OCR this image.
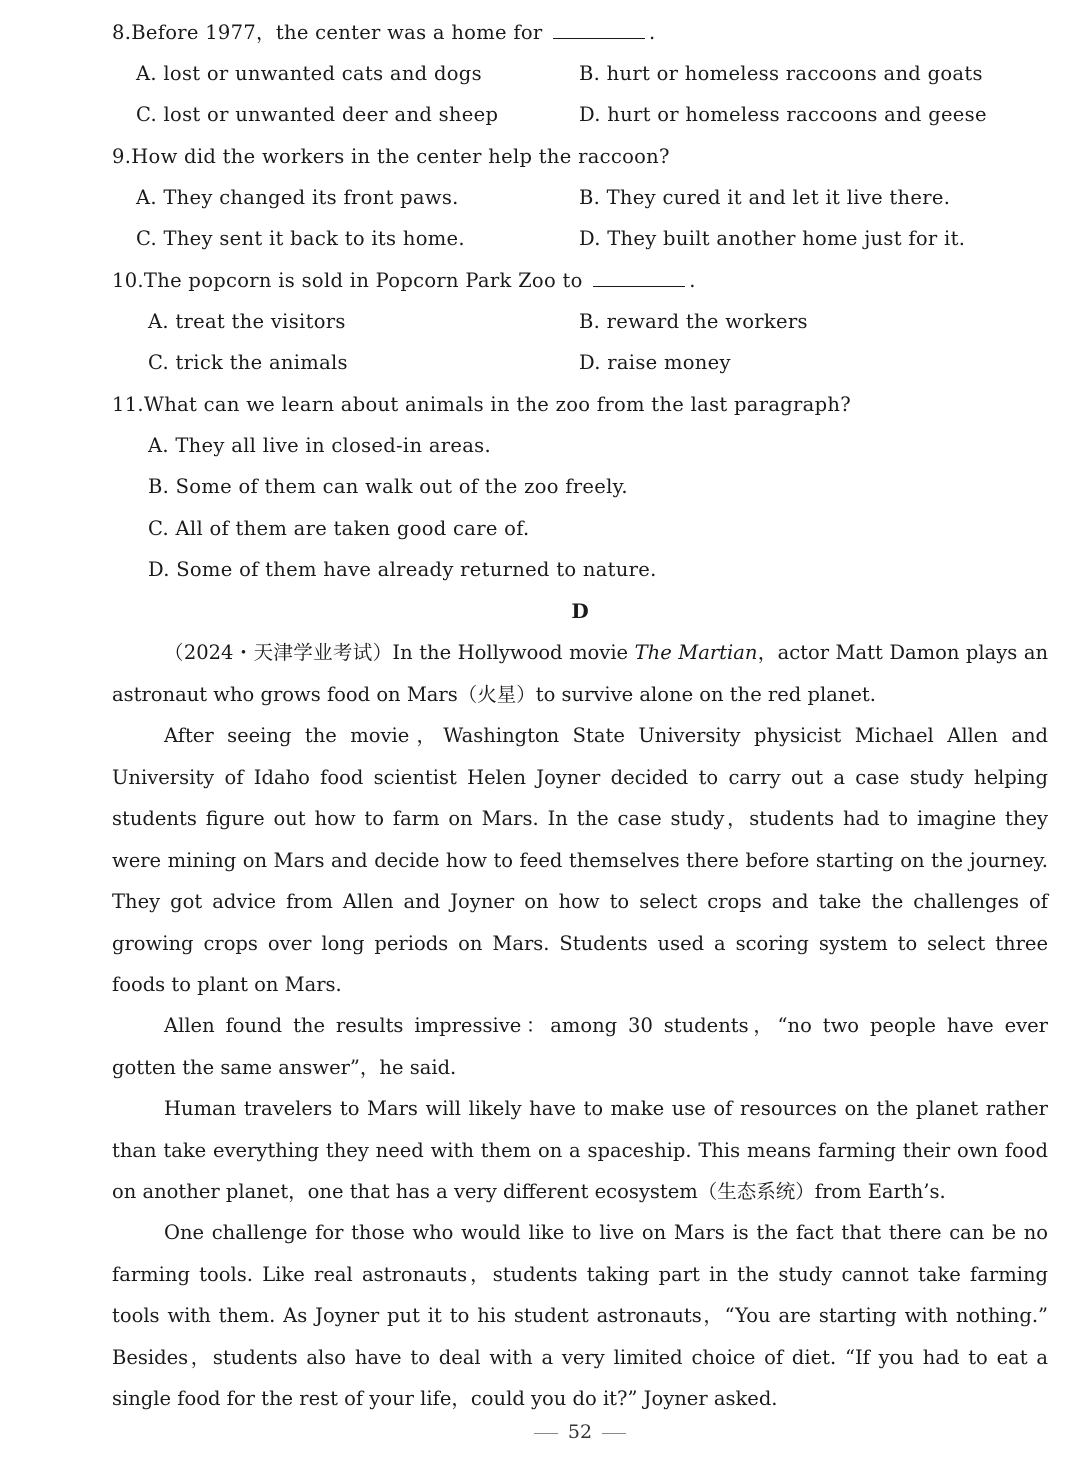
8.Before 1977，the center was a home for	.
A. lost or unwanted cats and dogs	B. hurt or homeless raccoons and goats
C. lost or unwanted deer and sheep	D. hurt or homeless raccoons and geese
9.How did the workers in the center help the raccoon?
A. They changed its front paws.	B. They cured it and let it live there.
C. They sent it back to its home.	D. They built another home just for it.
10.The popcorn is sold in Popcorn Park Zoo to	.
A. treat the visitors	B. reward the workers
C. trick the animals	D. raise money
11.What can we learn about animals in the zoo from the last paragraph?
A. They all live in closed-in areas.
B. Some of them can walk out of the zoo freely.
C. All of them are taken good care of.
D. Some of them have already returned to nature.
D
（2024・天津学业考试）In the Hollywood movie The Martian，actor Matt Damon plays an astronaut who grows food on Mars（火星）to survive alone on the red planet.
After seeing the movie，Washington State University physicist Michael Allen and University of Idaho food scientist Helen Joyner decided to carry out a case study helping students figure out how to farm on Mars. In the case study，students had to imagine they were mining on Mars and decide how to feed themselves there before starting on the journey. They got advice from Allen and Joyner on how to select crops and take the challenges of growing crops over long periods on Mars. Students used a scoring system to select three foods to plant on Mars.
Allen found the results impressive：among 30 students，“no two people have ever gotten the same answer”，he said.
Human travelers to Mars will likely have to make use of resources on the planet rather than take everything they need with them on a spaceship. This means farming their own food on another planet，one that has a very different ecosystem（生态系统）from Earth’s.
One challenge for those who would like to live on Mars is the fact that there can be no farming tools. Like real astronauts，students taking part in the study cannot take farming tools with them. As Joyner put it to his student astronauts，“You are starting with nothing.” Besides，students also have to deal with a very limited choice of diet. “If you had to eat a single food for the rest of your life，could you do it?” Joyner asked.
52
